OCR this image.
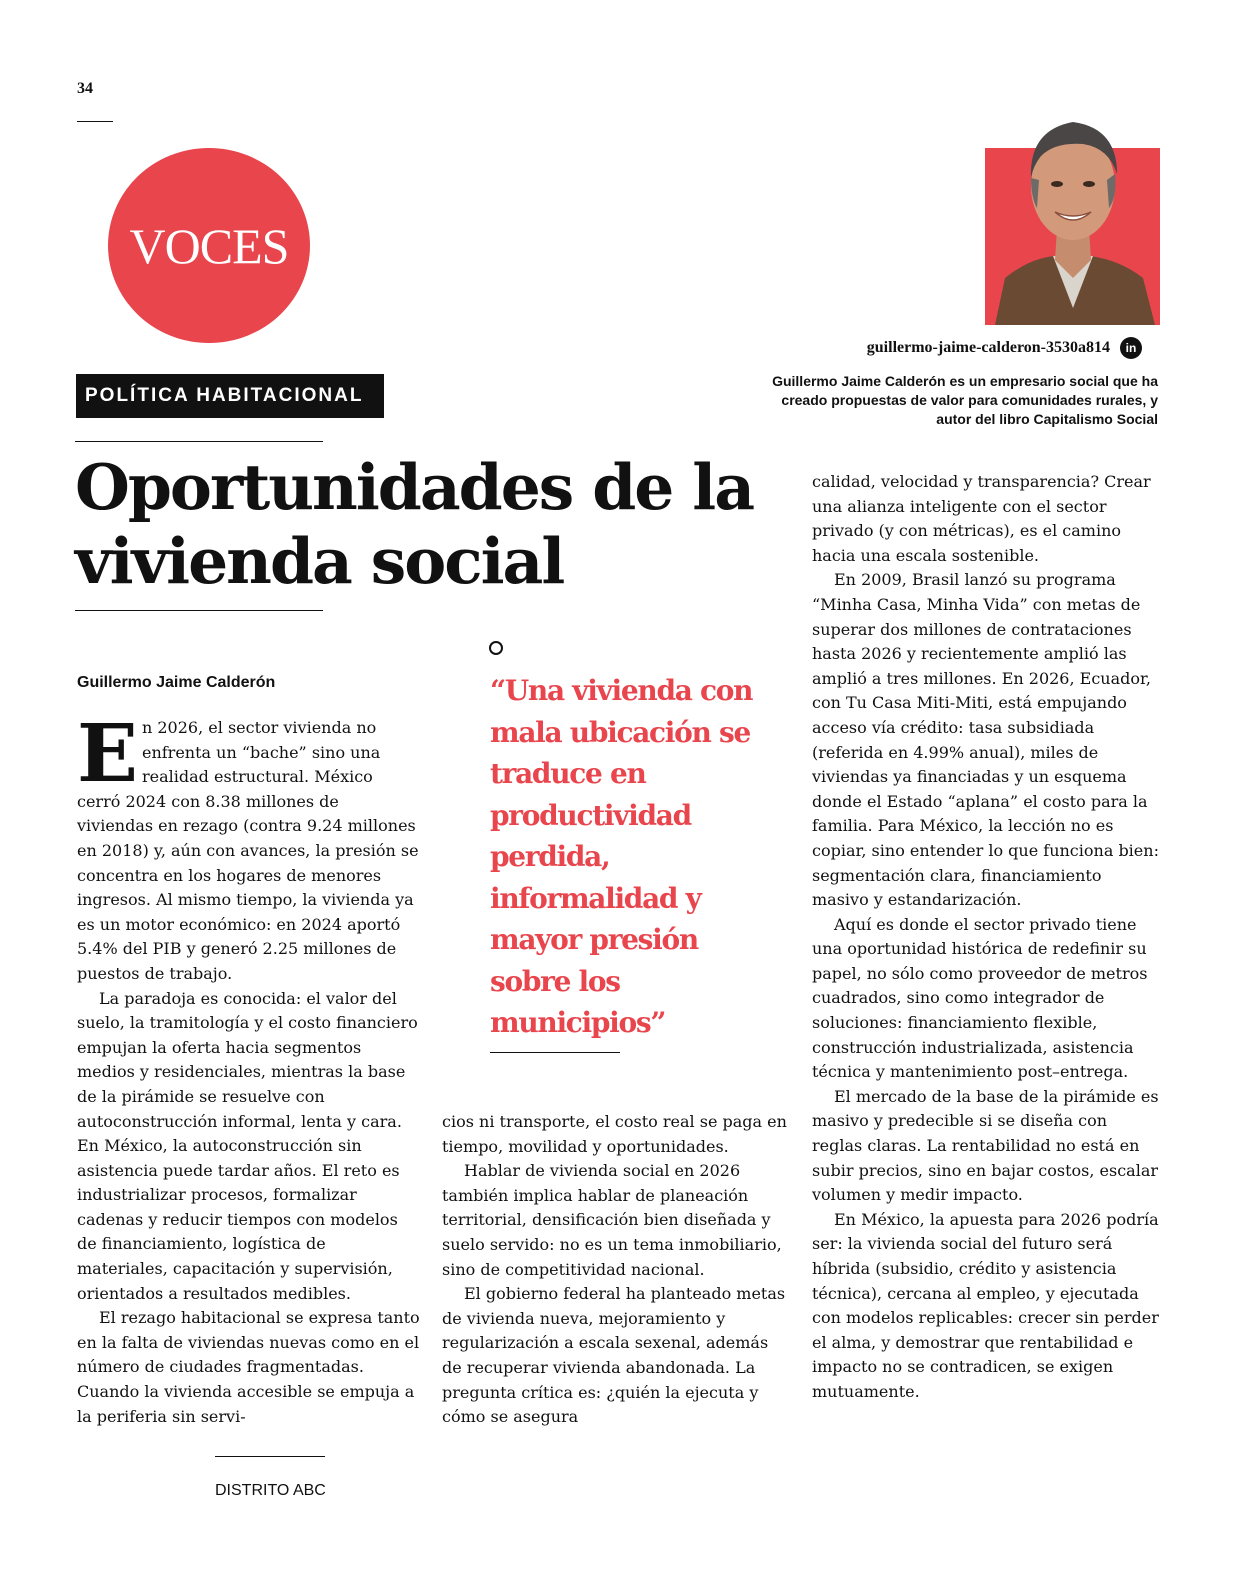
34
VOCES
POLÍTICA HABITACIONAL
Oportunidades de la vivienda social
Guillermo Jaime Calderón
guillermo-jaime-calderon-3530a814	in
Guillermo Jaime Calderón es un empresario social que ha creado propuestas de valor para comunidades rurales, y autor del libro Capitalismo Social

En 2026, el sector vivienda no enfrenta un “bache” sino una realidad estructural. México cerró 2024 con 8.38 millones de viviendas en rezago (contra 9.24 millones en 2018) y, aún con avances, la presión se concentra en los hogares de menores ingresos. Al mismo tiempo, la vivienda ya es un motor económico: en 2024 aportó 5.4% del PIB y generó 2.25 millones de puestos de trabajo.

La paradoja es conocida: el valor del suelo, la tramitología y el costo financiero empujan la oferta hacia segmentos medios y residenciales, mientras la base de la pirámide se resuelve con autoconstrucción informal, lenta y cara. En México, la autoconstrucción sin asistencia puede tardar años. El reto es industrializar procesos, formalizar cadenas y reducir tiempos con modelos de financiamiento, logística de materiales, capacitación y supervisión, orientados a resultados medibles.

El rezago habitacional se expresa tanto en la falta de viviendas nuevas como en el número de ciudades fragmentadas. Cuando la vivienda accesible se empuja a la periferia sin servi-

“Una vivienda con mala ubicación se traduce en productividad perdida, informalidad y mayor presión sobre los municipios”

cios ni transporte, el costo real se paga en tiempo, movilidad y oportunidades.

Hablar de vivienda social en 2026 también implica hablar de planeación territorial, densificación bien diseñada y suelo servido: no es un tema inmobiliario, sino de competitividad nacional.

El gobierno federal ha planteado metas de vivienda nueva, mejoramiento y regularización a escala sexenal, además de recuperar vivienda abandonada. La pregunta crítica es: ¿quién la ejecuta y cómo se asegura

calidad, velocidad y transparencia? Crear una alianza inteligente con el sector privado (y con métricas), es el camino hacia una escala sostenible.

En 2009, Brasil lanzó su programa “Minha Casa, Minha Vida” con metas de superar dos millones de contrataciones hasta 2026 y recientemente amplió las amplió a tres millones. En 2026, Ecuador, con Tu Casa Miti-Miti, está empujando acceso vía crédito: tasa subsidiada (referida en 4.99% anual), miles de viviendas ya financiadas y un esquema donde el Estado “aplana” el costo para la familia. Para México, la lección no es copiar, sino entender lo que funciona bien: segmentación clara, financiamiento masivo y estandarización.

Aquí es donde el sector privado tiene una oportunidad histórica de redefinir su papel, no sólo como proveedor de metros cuadrados, sino como integrador de soluciones: financiamiento flexible, construcción industrializada, asistencia técnica y mantenimiento post–entrega.

El mercado de la base de la pirámide es masivo y predecible si se diseña con reglas claras. La rentabilidad no está en subir precios, sino en bajar costos, escalar volumen y medir impacto.

En México, la apuesta para 2026 podría ser: la vivienda social del futuro será híbrida (subsidio, crédito y asistencia técnica), cercana al empleo, y ejecutada con modelos replicables: crecer sin perder el alma, y demostrar que rentabilidad e impacto no se contradicen, se exigen mutuamente.

DISTRITO ABC
